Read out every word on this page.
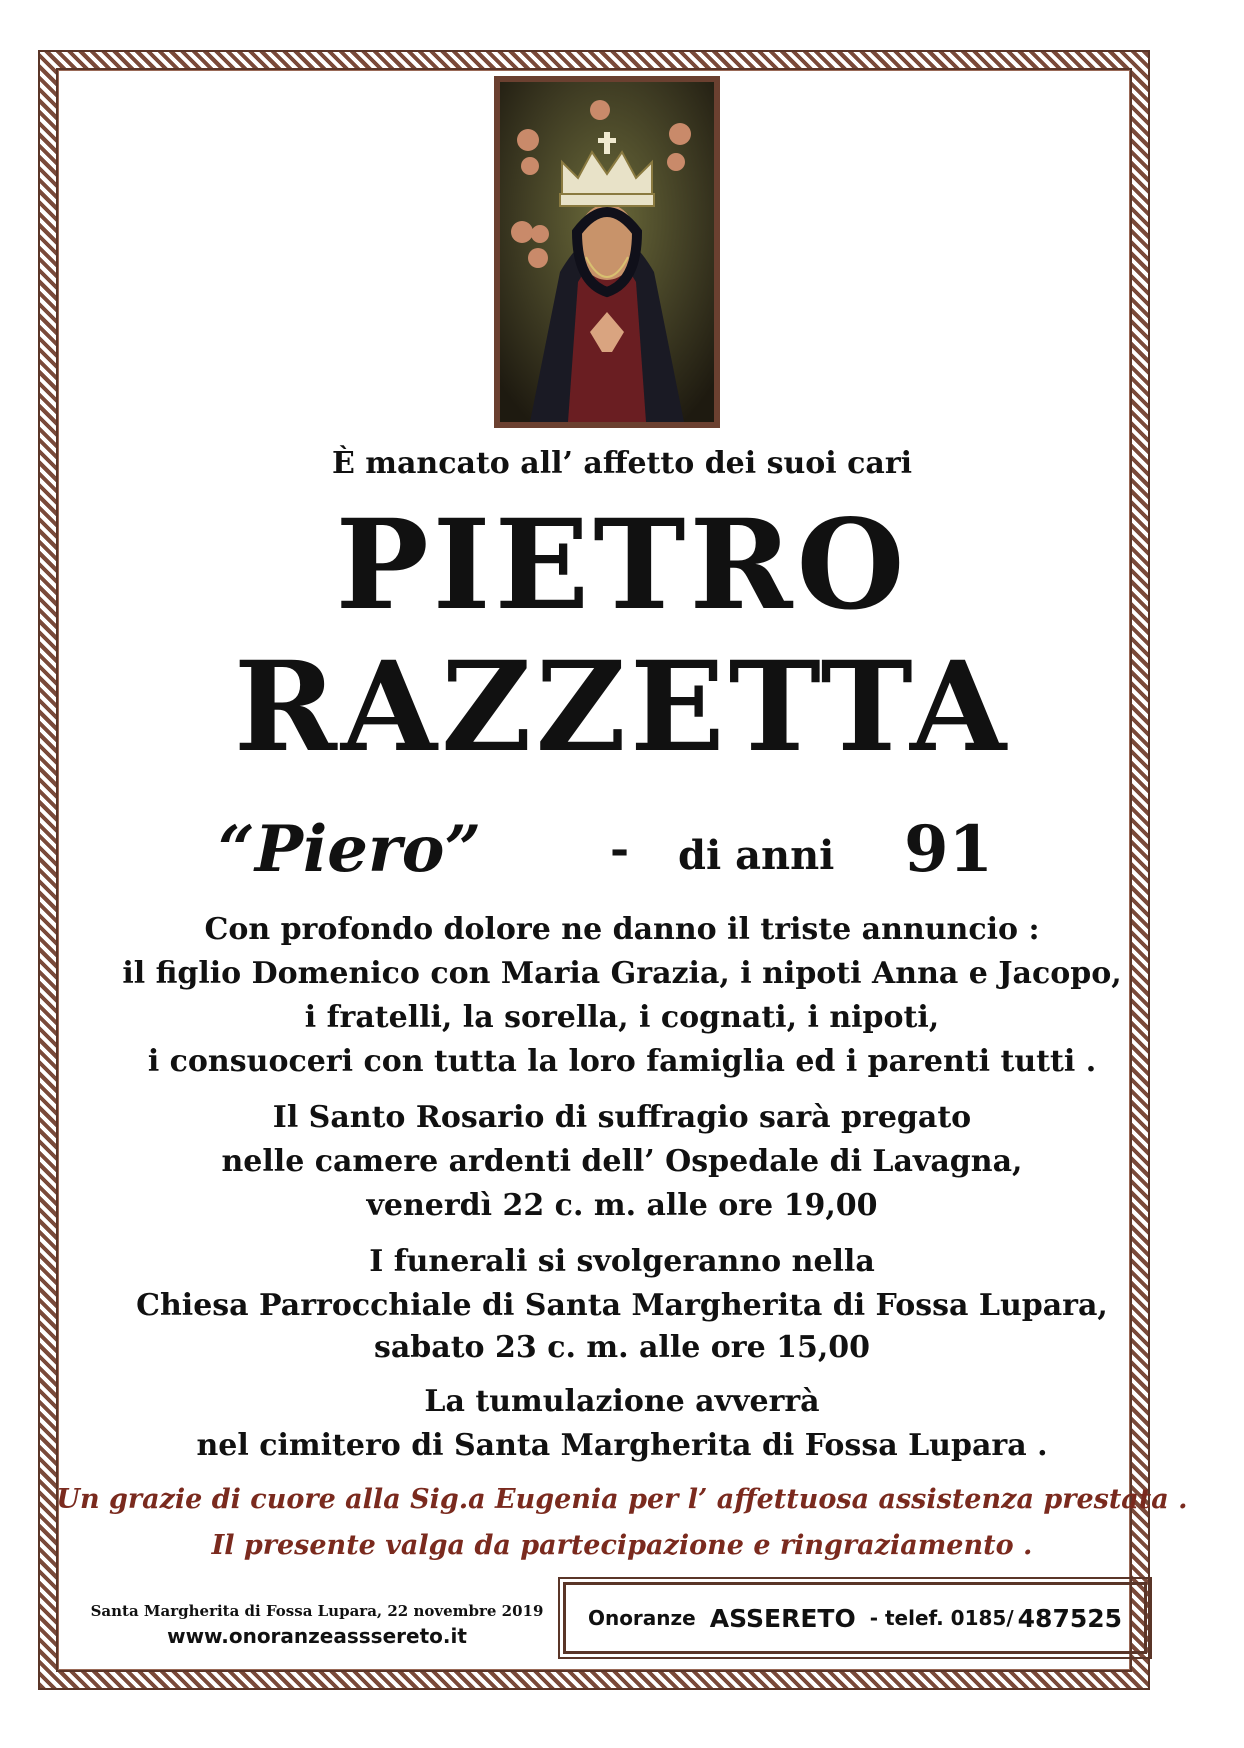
È mancato all’ affetto dei suoi cari
PIETRO
RAZZETTA
“Piero”	- di anni 91
Con profondo dolore ne danno il triste annuncio :
il figlio Domenico con Maria Grazia, i nipoti Anna e Jacopo,
i fratelli, la sorella, i cognati, i nipoti,
i consuoceri con tutta la loro famiglia ed i parenti tutti .
Il Santo Rosario di suffragio sarà pregato
nelle camere ardenti dell’ Ospedale di Lavagna,
venerdì 22 c. m. alle ore 19,00
I funerali si svolgeranno nella
Chiesa Parrocchiale di Santa Margherita di Fossa Lupara,
sabato 23 c. m. alle ore 15,00
La tumulazione avverrà
nel cimitero di Santa Margherita di Fossa Lupara .
Un grazie di cuore alla Sig.a Eugenia per l’ affettuosa assistenza prestata .
Il presente valga da partecipazione e ringraziamento .
Santa Margherita di Fossa Lupara, 22 novembre 2019
www.onoranzeasssereto.it
Onoranze ASSERETO - telef. 0185/ 487525
